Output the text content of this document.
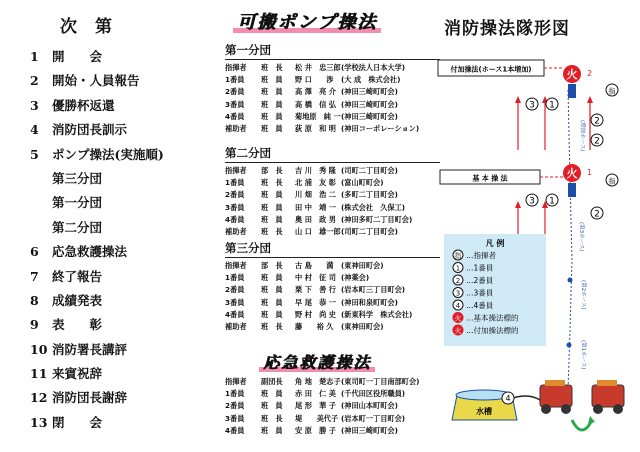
次第
1 開　　会
2 開始・人員報告
3 優勝杯返還
4 消防団長訓示
5 ポンプ操法(実施順)
第三分団
第一分団
第二分団
6 応急救護操法
7 終了報告
8 成績発表
9 表　　彰
10 消防署長講評
11 来賓祝辞
12 消防団長謝辞
13 閉　　会
可搬ポンプ操法
第一分団
指揮者	班　長	松 井　忠三郎 (学校法人日本大学)
1番員	班　員	野 口　　渉	(大 成　株式会社)
2番員	班　員	高 澤　亮 介 (神田三崎町町会)
3番員	班　員	高 橋　信 弘 (神田三崎町町会)
4番員	班　員	菊地原　純 一 (神田三崎町町会)
補助者	班　員	荻 原　和 明 (神田コーポレーション)
第二分団
指揮者	部　長	吉 川　秀 隆 (司町二丁目町会)
1番員	班　長	北 浦　友 彰 (富山町町会)
2番員	班　員	川 畑　浩 二 (多町二丁目町会)
3番員	班　員	田 中　靖 一 (株式会社　久保工)
4番員	班　員	奥 田　政 男 (神田多町二丁目町会)
補助者	班　長	山 口　雄一郎 (司町二丁目町会)
第三分団
指揮者	部　長	古 島　　満	(東神田町会)
1番員	班　員	中 村　征 司 (神薬会)
2番員	班　員	栗 下　善 行 (岩本町三丁目町会)
3番員	班　員	早 尾　恭 一 (神田和泉町町会)
4番員	班　員	野 村　尚 史 (新東科学　株式会社)
補助者	班　長	藤　　裕 久	(東神田町会)
応急救護操法
指揮者	副団長	角 地　楚志子 (東司町一丁目南部町会)
1番員	班　員	赤 田　仁 美 (千代田区役所職員)
2番員	班　員	尾 形　華 子 (神田山本町町会)
3番員	班　長	堤　　美代子 (岩本町一丁目町会)
4番員	班　員	安 原　勝 子 (神田三崎町町会)
消防操法隊形図
付加操法(ホース1本増加)
基 本 操 法
(増加ホース)
(第3ホース)
(第2ホース)
(第1ホース)
火 2
火 1
3 1
指
2
2
3 1
指
2
凡 例
指 …指揮者
1 …1番員
2 …2番員
3 …3番員
4 …4番員
火 …基本操法標的
火 …付加操法標的
水槽
4
